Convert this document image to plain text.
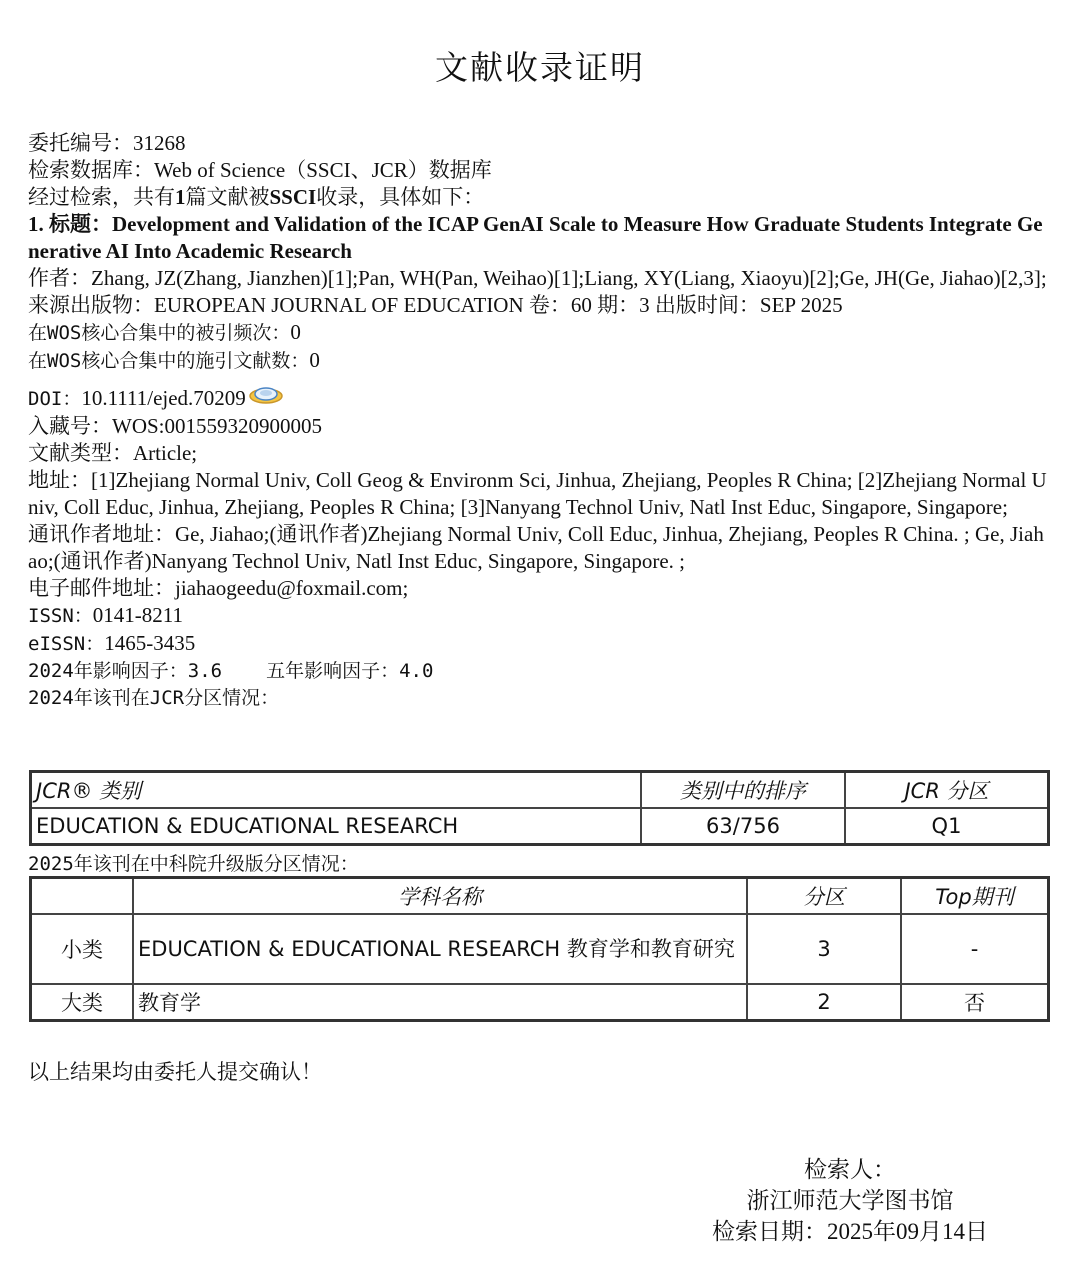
文献收录证明

委托编号：31268

检索数据库：Web of Science（SSCI、JCR）数据库

经过检索，共有1篇文献被SSCI收录，具体如下：

1. 标题：Development and Validation of the ICAP GenAI Scale to Measure How Graduate Students Integrate Generative AI Into Academic Research

作者：Zhang, JZ(Zhang, Jianzhen)[1];Pan, WH(Pan, Weihao)[1];Liang, XY(Liang, Xiaoyu)[2];Ge, JH(Ge, Jiahao)[2,3];

来源出版物：EUROPEAN JOURNAL OF EDUCATION 卷：60 期：3 出版时间：SEP 2025

在WOS核心合集中的被引频次：0

在WOS核心合集中的施引文献数：0

DOI：10.1111/ejed.70209

入藏号：WOS:001559320900005

文献类型：Article;

地址：[1]Zhejiang Normal Univ, Coll Geog & Environm Sci, Jinhua, Zhejiang, Peoples R China; [2]Zhejiang Normal Univ, Coll Educ, Jinhua, Zhejiang, Peoples R China; [3]Nanyang Technol Univ, Natl Inst Educ, Singapore, Singapore;

通讯作者地址：Ge, Jiahao;(通讯作者)Zhejiang Normal Univ, Coll Educ, Jinhua, Zhejiang, Peoples R China. ; Ge, Jiahao;(通讯作者)Nanyang Technol Univ, Natl Inst Educ, Singapore, Singapore. ;

电子邮件地址：jiahaogeedu@foxmail.com;

ISSN：0141-8211

eISSN：1465-3435

2024年影响因子：3.6 五年影响因子：4.0

2024年该刊在JCR分区情况：

JCR® 类别	类别中的排序	JCR 分区
EDUCATION & EDUCATIONAL RESEARCH	63/756	Q1
2025年该刊在中科院升级版分区情况：
	学科名称	分区	Top期刊
小类	EDUCATION & EDUCATIONAL RESEARCH 教育学和教育研究	3	-
大类	教育学	2	否
以上结果均由委托人提交确认！

检索人：

浙江师范大学图书馆

检索日期：2025年09月14日
